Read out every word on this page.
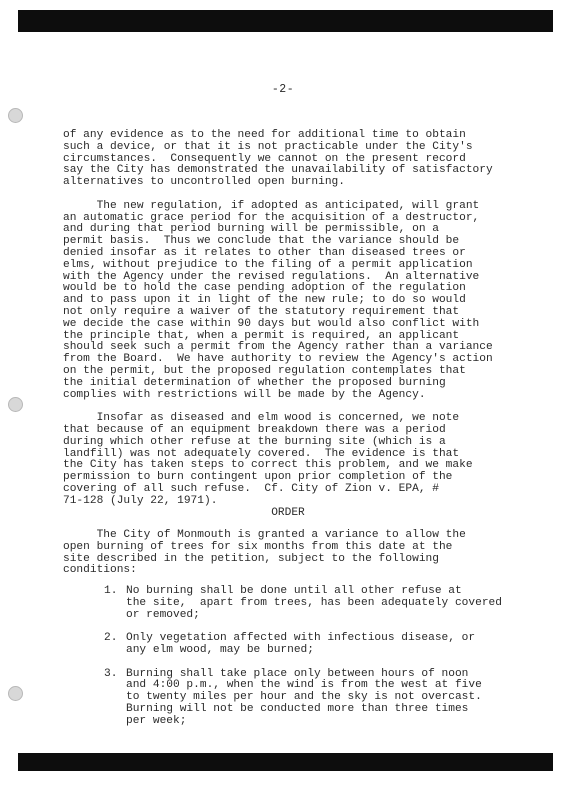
-2-

of any evidence as to the need for additional time to obtain
such a device, or that it is not practicable under the City's
circumstances.  Consequently we cannot on the present record
say the City has demonstrated the unavailability of satisfactory
alternatives to uncontrolled open burning.

The new regulation, if adopted as anticipated, will grant
an automatic grace period for the acquisition of a destructor,
and during that period burning will be permissible, on a
permit basis.  Thus we conclude that the variance should be
denied insofar as it relates to other than diseased trees or
elms, without prejudice to the filing of a permit application
with the Agency under the revised regulations.  An alternative
would be to hold the case pending adoption of the regulation
and to pass upon it in light of the new rule; to do so would
not only require a waiver of the statutory requirement that
we decide the case within 90 days but would also conflict with
the principle that, when a permit is required, an applicant
should seek such a permit from the Agency rather than a variance
from the Board.  We have authority to review the Agency's action
on the permit, but the proposed regulation contemplates that
the initial determination of whether the proposed burning
complies with restrictions will be made by the Agency.

Insofar as diseased and elm wood is concerned, we note
that because of an equipment breakdown there was a period
during which other refuse at the burning site (which is a
landfill) was not adequately covered.  The evidence is that
the City has taken steps to correct this problem, and we make
permission to burn contingent upon prior completion of the
covering of all such refuse.  Cf. City of Zion v. EPA, #
71-128 (July 22, 1971).

ORDER

The City of Monmouth is granted a variance to allow the
open burning of trees for six months from this date at the
site described in the petition, subject to the following
conditions:

1. No burning shall be done until all other refuse at
the site,  apart from trees, has been adequately covered
or removed;
2. Only vegetation affected with infectious disease, or
any elm wood, may be burned;
3. Burning shall take place only between hours of noon
and 4:00 p.m., when the wind is from the west at five
to twenty miles per hour and the sky is not overcast.
Burning will not be conducted more than three times
per week;
